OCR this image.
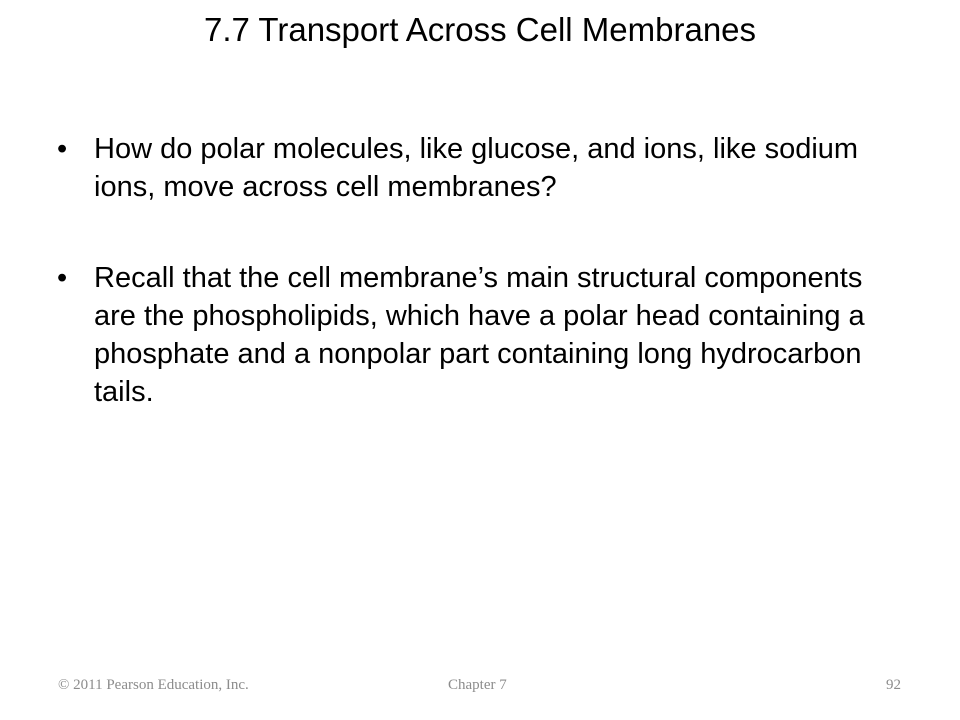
7.7 Transport Across Cell Membranes
• How do polar molecules, like glucose, and ions, like sodium ions, move across cell membranes?
• Recall that the cell membrane’s main structural components are the phospholipids, which have a polar head containing a phosphate and a nonpolar part containing long hydrocarbon tails.
© 2011 Pearson Education, Inc.	Chapter 7	92
